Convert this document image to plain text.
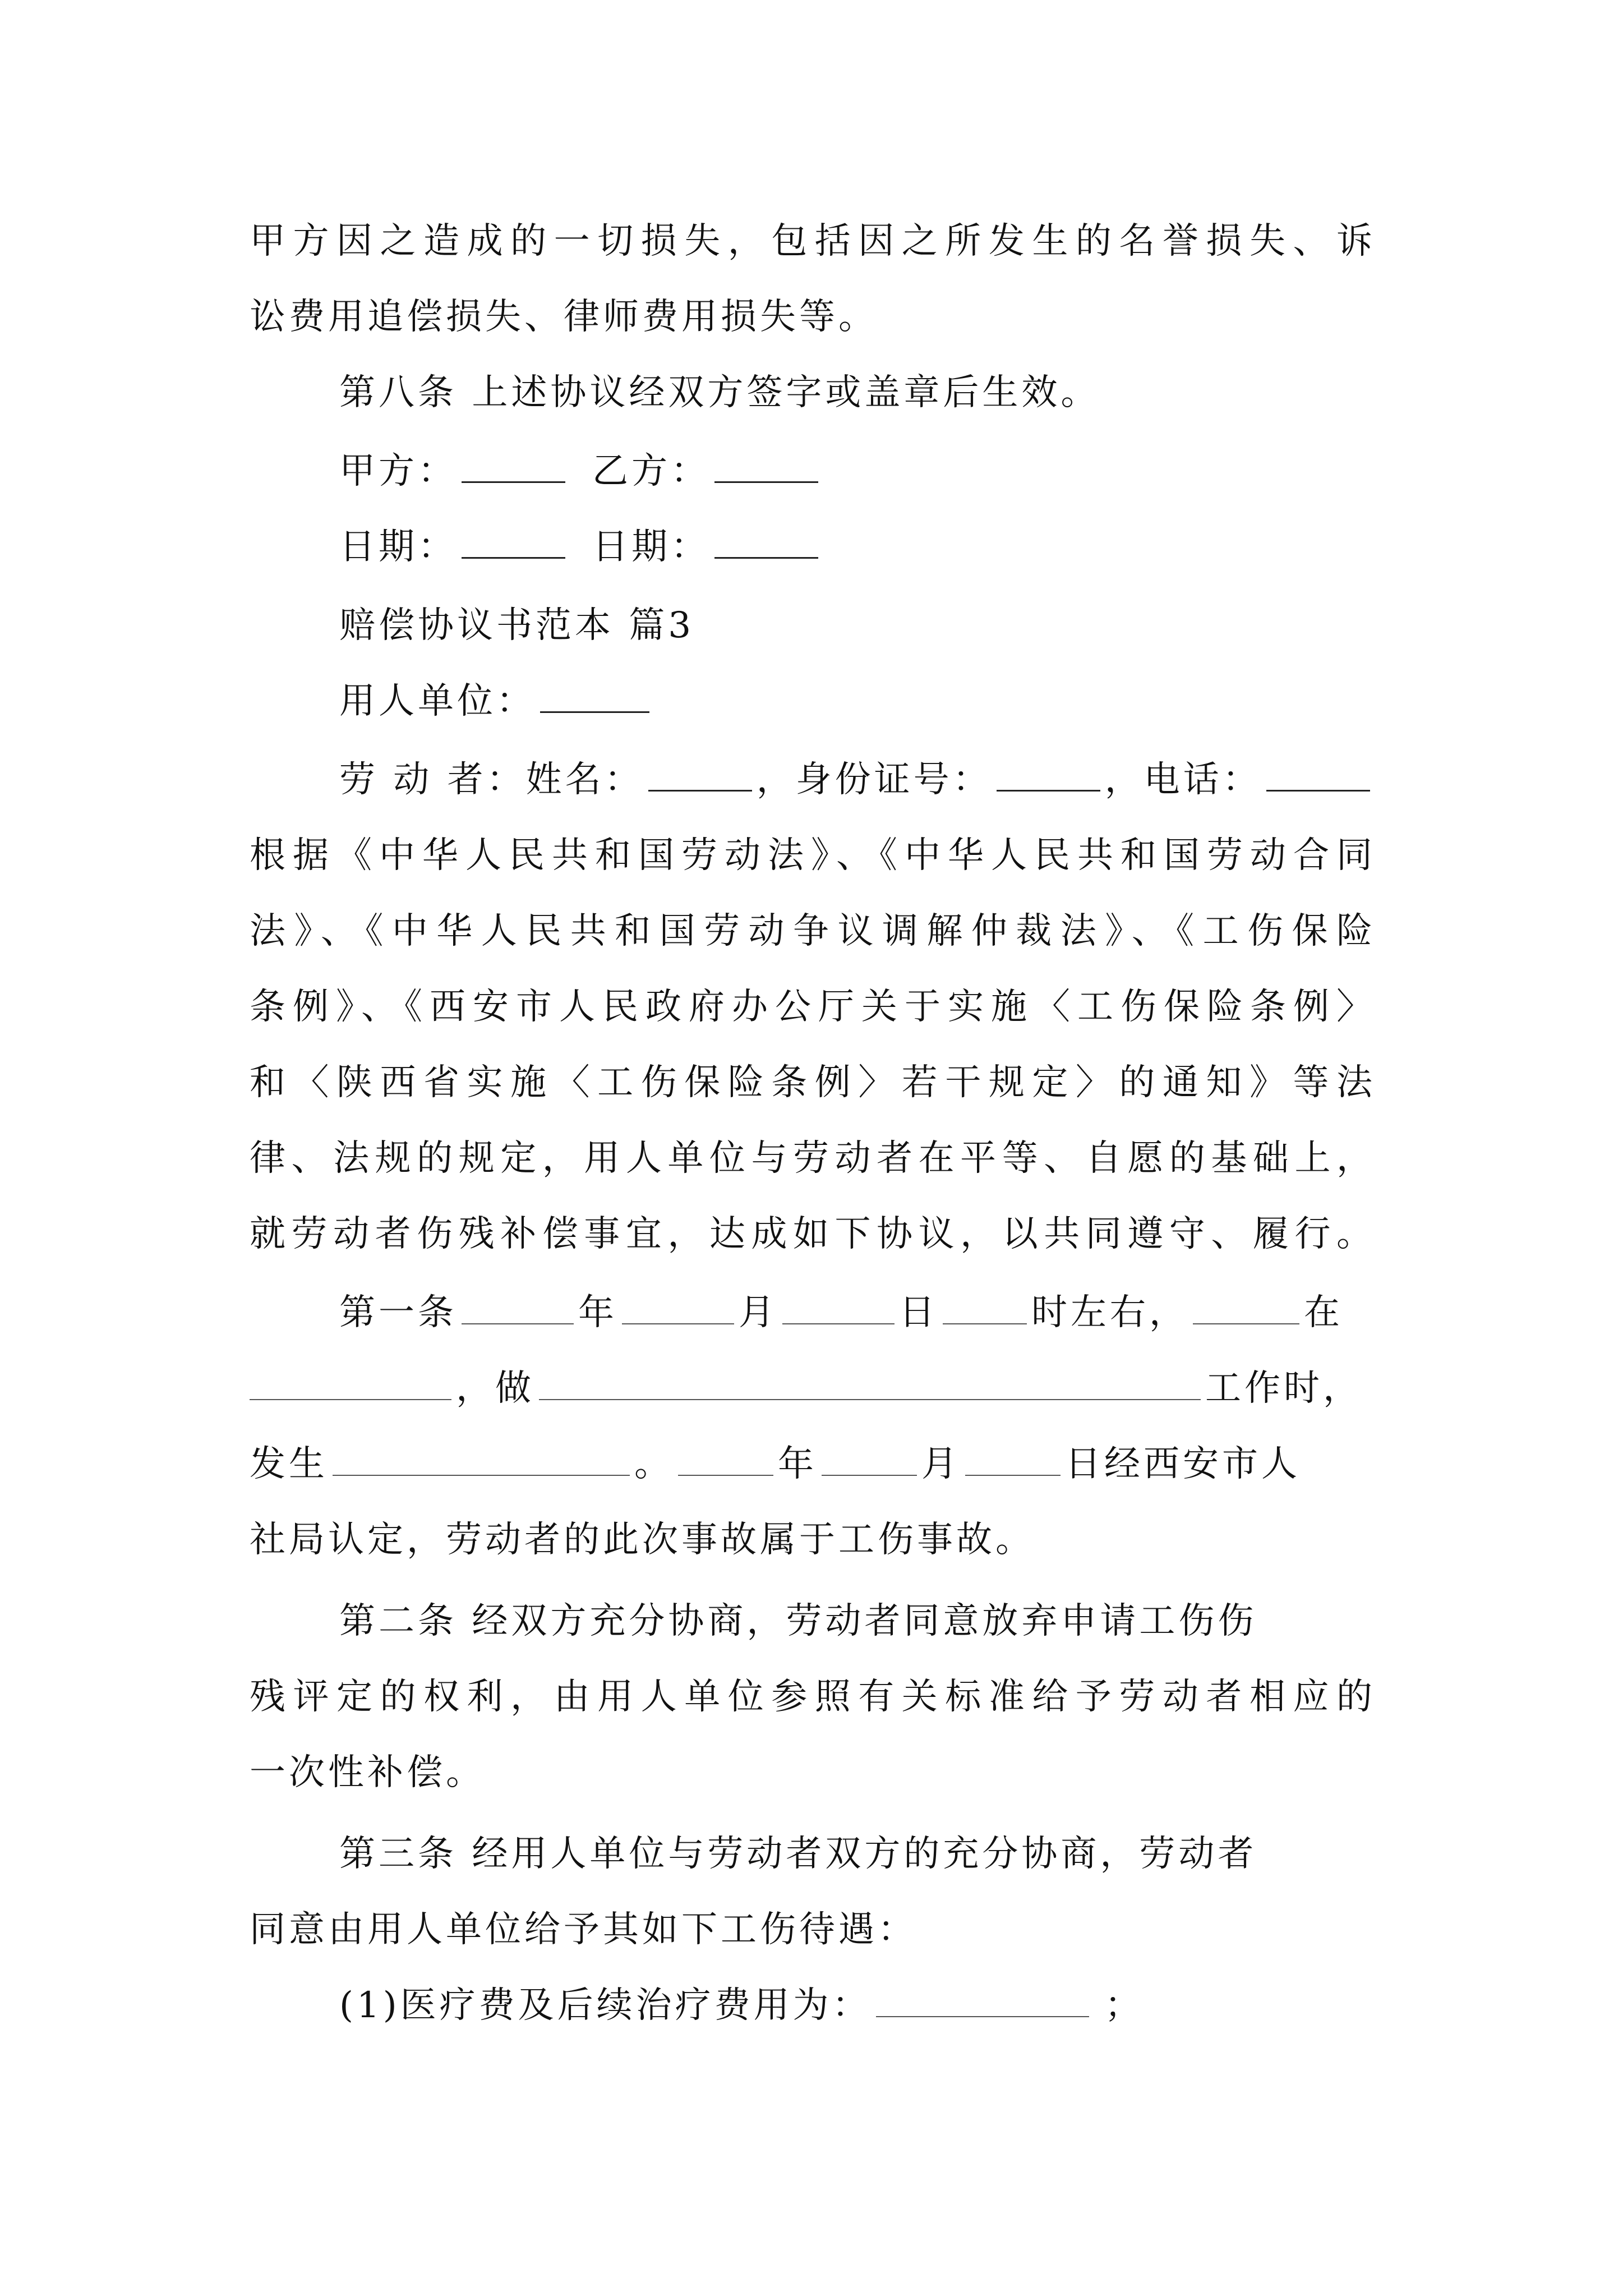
甲方因之造成的一切损失，包括因之所发生的名誉损失、诉
讼费用追偿损失、律师费用损失等。
第八条 上述协议经双方签字或盖章后生效。
甲方：	乙方：
日期：	日期：
赔偿协议书范本 篇3
用人单位：
劳 动 者：姓名：	，身份证号：	，电话：
根据《中华人民共和国劳动法》、《中华人民共和国劳动合同
法》、《中华人民共和国劳动争议调解仲裁法》、《工伤保险
条例》、《西安市人民政府办公厅关于实施〈工伤保险条例〉
和〈陕西省实施〈工伤保险条例〉若干规定〉的通知》等法
律、法规的规定，用人单位与劳动者在平等、自愿的基础上，
就劳动者伤残补偿事宜，达成如下协议，以共同遵守、履行。
第一条	年	月	日	时左右，	在
，做	工作时，
发生	。	年	月	日经西安市人
社局认定，劳动者的此次事故属于工伤事故。
第二条 经双方充分协商，劳动者同意放弃申请工伤伤
残评定的权利，由用人单位参照有关标准给予劳动者相应的
一次性补偿。
第三条 经用人单位与劳动者双方的充分协商，劳动者
同意由用人单位给予其如下工伤待遇：
(1)医疗费及后续治疗费用为：	；
